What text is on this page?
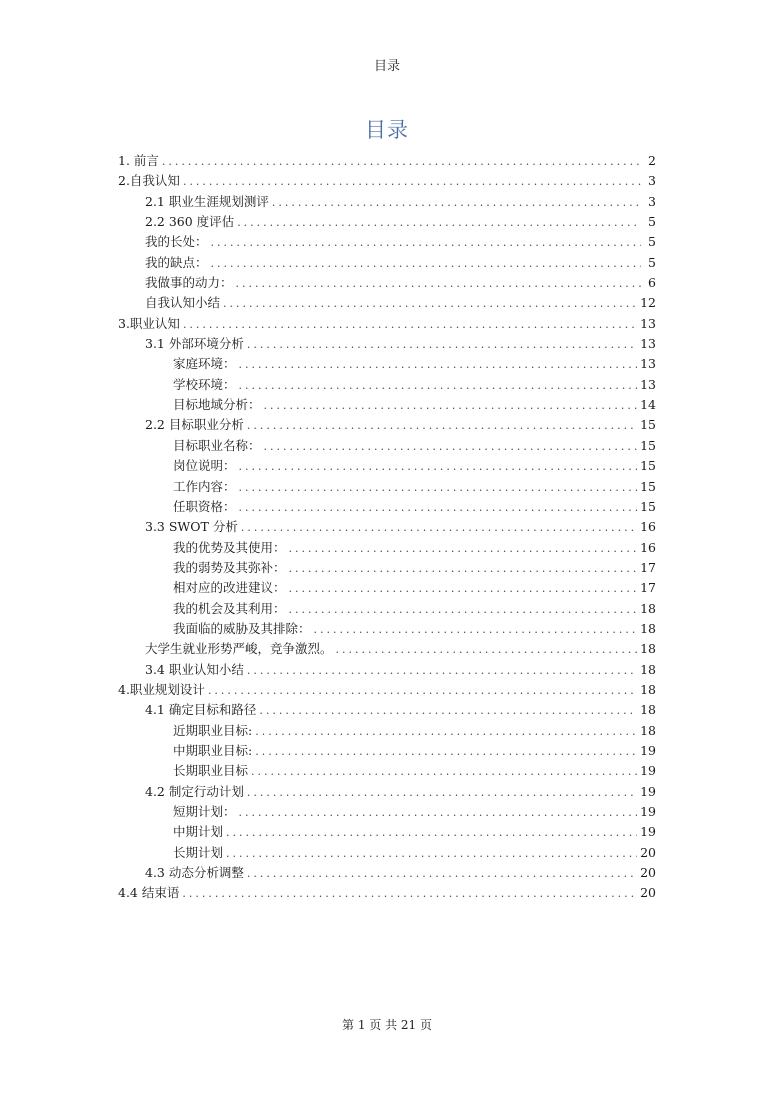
目录
目录
1. 前言 .....	2
2.自我认知 .....	3
2.1 职业生涯规划测评 .....	3
2.2 360 度评估 .....	5
我的长处： .....	5
我的缺点： .....	5
我做事的动力： .....	6
自我认知小结 .....	12
3.职业认知 .....	13
3.1 外部环境分析 .....	13
家庭环境： .....	13
学校环境： .....	13
目标地域分析： .....	14
2.2 目标职业分析 .....	15
目标职业名称： .....	15
岗位说明： .....	15
工作内容： .....	15
任职资格： .....	15
3.3 SWOT 分析 .....	16
我的优势及其使用： .....	16
我的弱势及其弥补： .....	17
相对应的改进建议： .....	17
我的机会及其利用： .....	18
我面临的威胁及其排除： .....	18
大学生就业形势严峻，竞争激烈。 .....	18
3.4 职业认知小结 .....	18
4.职业规划设计 .....	18
4.1 确定目标和路径 .....	18
近期职业目标: .....	18
中期职业目标: .....	19
长期职业目标 .....	19
4.2 制定行动计划 .....	19
短期计划： .....	19
中期计划 .....	19
长期计划 .....	20
4.3 动态分析调整 .....	20
4.4 结束语 .....	20
第 1 页 共 21 页
